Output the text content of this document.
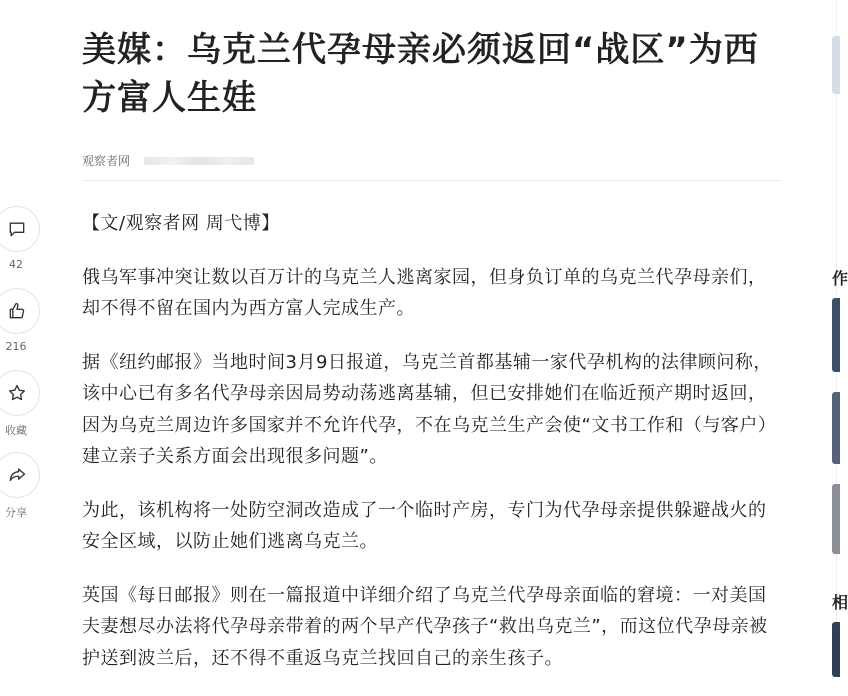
美媒：乌克兰代孕母亲必须返回“战区”为西方富人生娃
观察者网

【文/观察者网 周弋博】

俄乌军事冲突让数以百万计的乌克兰人逃离家园，但身负订单的乌克兰代孕母亲们，却不得不留在国内为西方富人完成生产。

据《纽约邮报》当地时间3月9日报道，乌克兰首都基辅一家代孕机构的法律顾问称，该中心已有多名代孕母亲因局势动荡逃离基辅，但已安排她们在临近预产期时返回，因为乌克兰周边许多国家并不允许代孕，不在乌克兰生产会使“文书工作和（与客户）建立亲子关系方面会出现很多问题”。

为此，该机构将一处防空洞改造成了一个临时产房，专门为代孕母亲提供躲避战火的安全区域，以防止她们逃离乌克兰。

英国《每日邮报》则在一篇报道中详细介绍了乌克兰代孕母亲面临的窘境：一对美国夫妻想尽办法将代孕母亲带着的两个早产代孕孩子“救出乌克兰”，而这位代孕母亲被护送到波兰后，还不得不重返乌克兰找回自己的亲生孩子。

42
216
收藏
分享
作
相
